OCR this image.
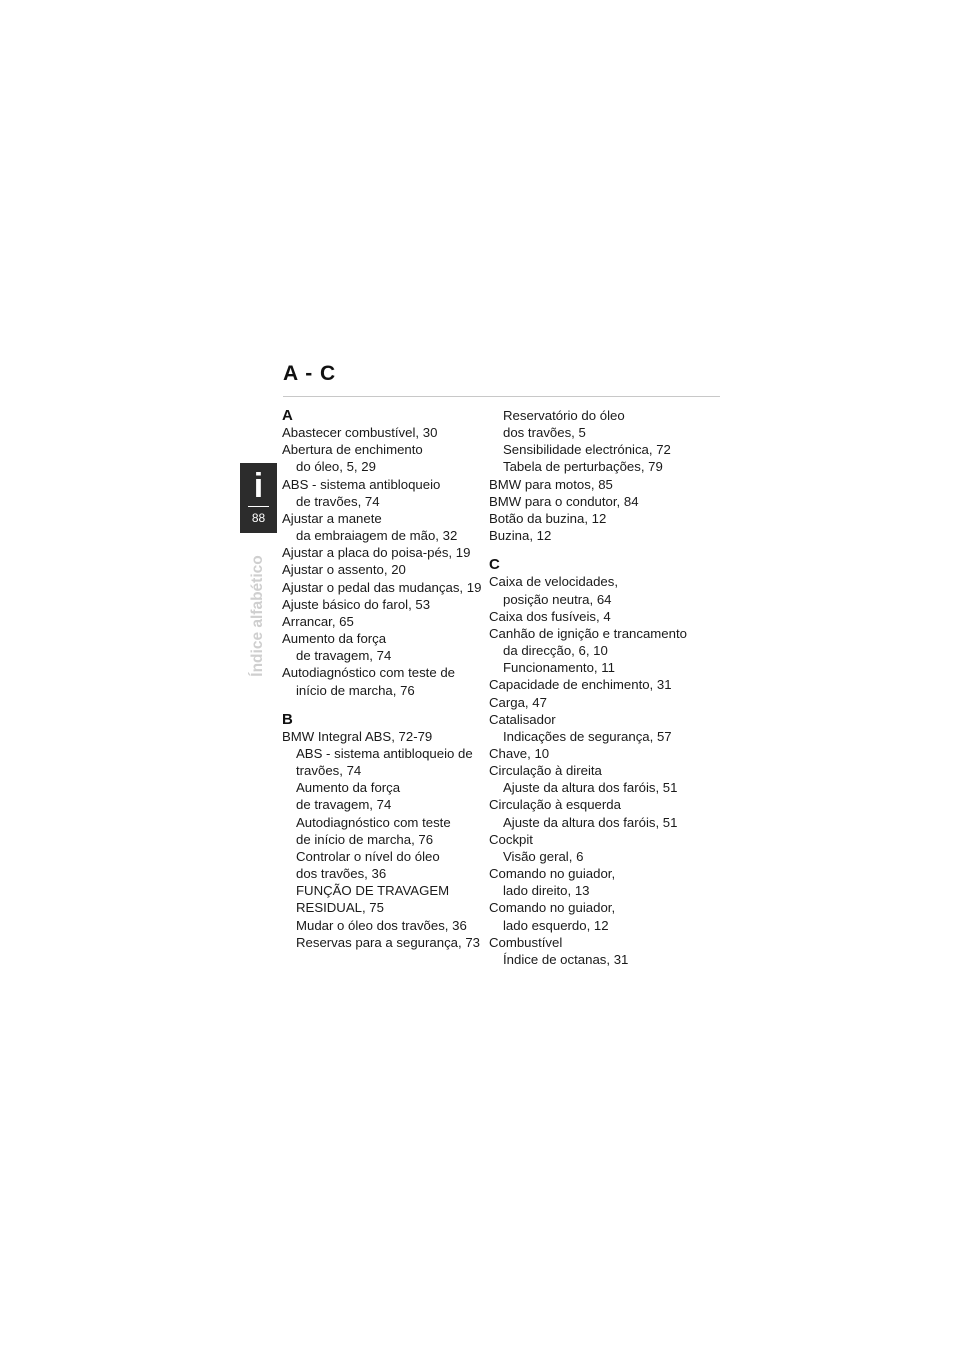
A - C
i
88
Índice alfabético
A
Abastecer combustível, 30
Abertura de enchimento
do óleo, 5, 29
ABS - sistema antibloqueio
de travões, 74
Ajustar a manete
da embraiagem de mão, 32
Ajustar a placa do poisa-pés, 19
Ajustar o assento, 20
Ajustar o pedal das mudanças, 19
Ajuste básico do farol, 53
Arrancar, 65
Aumento da força
de travagem, 74
Autodiagnóstico com teste de
início de marcha, 76
B
BMW Integral ABS, 72-79
ABS - sistema antibloqueio de
travões, 74
Aumento da força
de travagem, 74
Autodiagnóstico com teste
de início de marcha, 76
Controlar o nível do óleo
dos travões, 36
FUNÇÃO DE TRAVAGEM
RESIDUAL, 75
Mudar o óleo dos travões, 36
Reservas para a segurança, 73
Reservatório do óleo
dos travões, 5
Sensibilidade electrónica, 72
Tabela de perturbações, 79
BMW para motos, 85
BMW para o condutor, 84
Botão da buzina, 12
Buzina, 12
C
Caixa de velocidades,
posição neutra, 64
Caixa dos fusíveis, 4
Canhão de ignição e trancamento
da direcção, 6, 10
Funcionamento, 11
Capacidade de enchimento, 31
Carga, 47
Catalisador
Indicações de segurança, 57
Chave, 10
Circulação à direita
Ajuste da altura dos faróis, 51
Circulação à esquerda
Ajuste da altura dos faróis, 51
Cockpit
Visão geral, 6
Comando no guiador,
lado direito, 13
Comando no guiador,
lado esquerdo, 12
Combustível
Índice de octanas, 31
